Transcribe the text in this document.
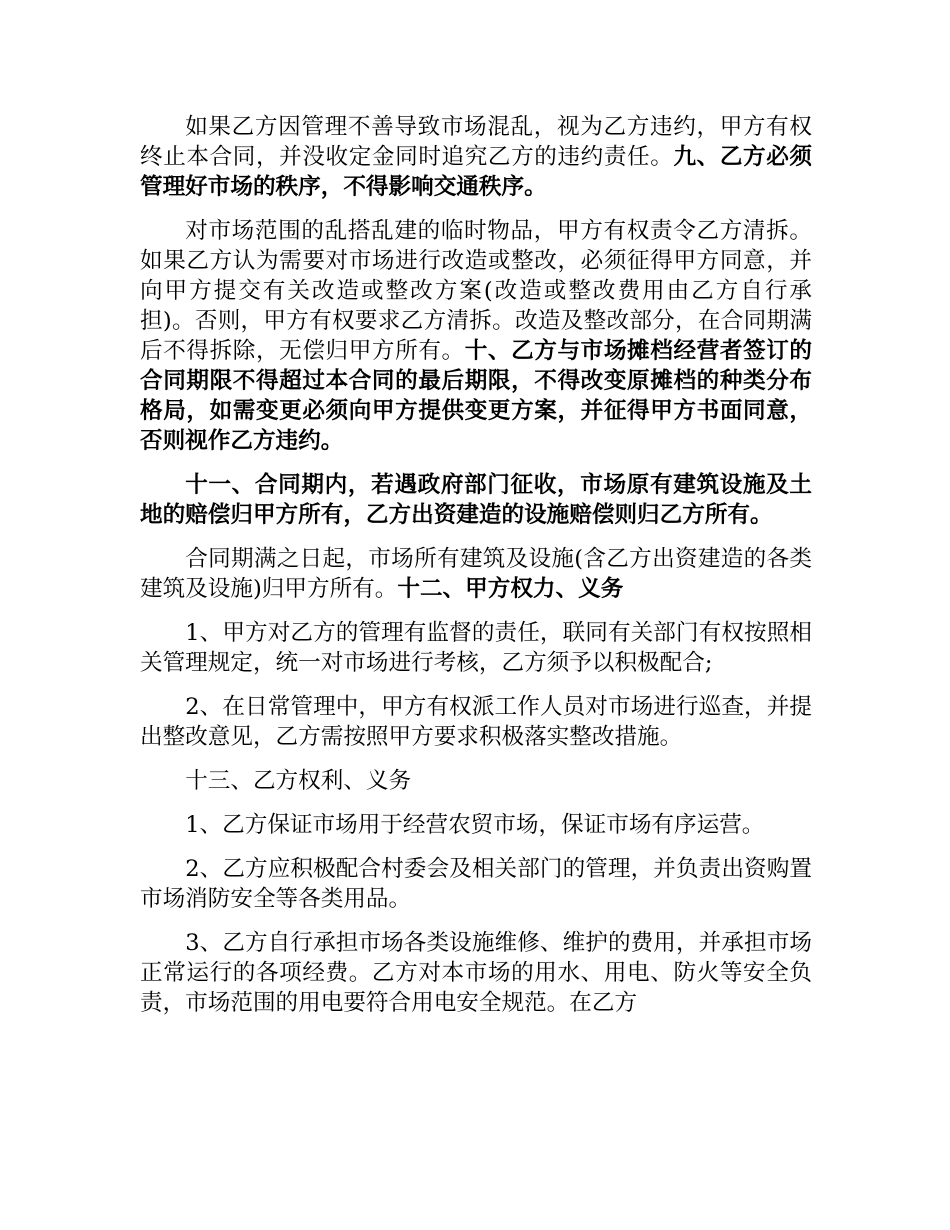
如果乙方因管理不善导致市场混乱，视为乙方违约，甲方有权终止本合同，并没收定金同时追究乙方的违约责任。九、乙方必须管理好市场的秩序，不得影响交通秩序。

对市场范围的乱搭乱建的临时物品，甲方有权责令乙方清拆。如果乙方认为需要对市场进行改造或整改，必须征得甲方同意，并向甲方提交有关改造或整改方案(改造或整改费用由乙方自行承担)。否则，甲方有权要求乙方清拆。改造及整改部分，在合同期满后不得拆除，无偿归甲方所有。十、乙方与市场摊档经营者签订的合同期限不得超过本合同的最后期限，不得改变原摊档的种类分布格局，如需变更必须向甲方提供变更方案，并征得甲方书面同意，否则视作乙方违约。

十一、合同期内，若遇政府部门征收，市场原有建筑设施及土地的赔偿归甲方所有，乙方出资建造的设施赔偿则归乙方所有。

合同期满之日起，市场所有建筑及设施(含乙方出资建造的各类建筑及设施)归甲方所有。十二、甲方权力、义务

1、甲方对乙方的管理有监督的责任，联同有关部门有权按照相关管理规定，统一对市场进行考核，乙方须予以积极配合;

2、在日常管理中，甲方有权派工作人员对市场进行巡查，并提出整改意见，乙方需按照甲方要求积极落实整改措施。

十三、乙方权利、义务

1、乙方保证市场用于经营农贸市场，保证市场有序运营。

2、乙方应积极配合村委会及相关部门的管理，并负责出资购置市场消防安全等各类用品。

3、乙方自行承担市场各类设施维修、维护的费用，并承担市场正常运行的各项经费。乙方对本市场的用水、用电、防火等安全负责，市场范围的用电要符合用电安全规范。在乙方
